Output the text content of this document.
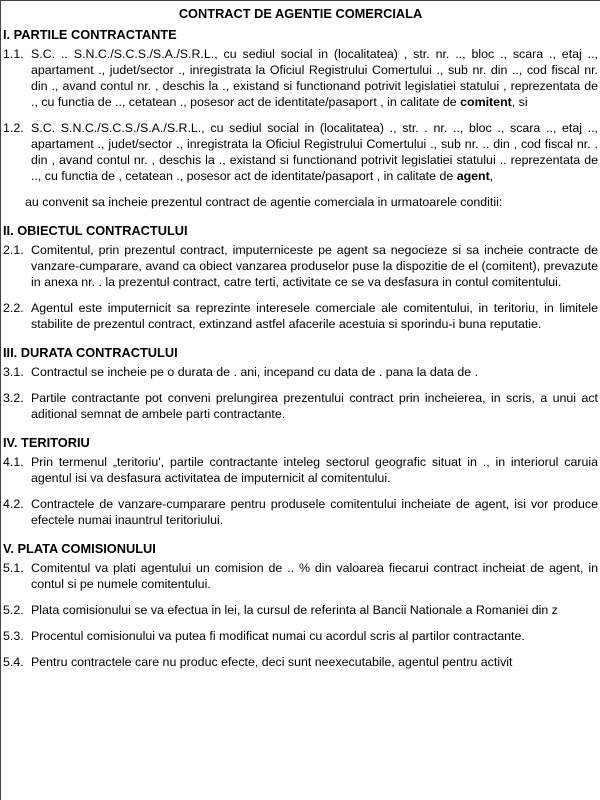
CONTRACT DE AGENTIE COMERCIALA
I. PARTILE CONTRACTANTE
1.1. S.C. .. S.N.C./S.C.S./S.A./S.R.L., cu sediul social in (localitatea) , str. nr. .., bloc ., scara ., etaj .., apartament ., judet/sector ., inregistrata la Oficiul Registrului Comertului ., sub nr. din .., cod fiscal nr. din ., avand contul nr. , deschis la ., existand si functionand potrivit legislatiei statului , reprezentata de ., cu functia de .., cetatean ., posesor act de identitate/pasaport , in calitate de comitent, si
1.2. S.C. S.N.C./S.C.S./S.A./S.R.L., cu sediul social in (localitatea) ., str. . nr. .., bloc ., scara .., etaj .., apartament ., judet/sector ., inregistrata la Oficiul Registrului Comertului ., sub nr. .. din , cod fiscal nr. . din , avand contul nr. , deschis la ., existand si functionand potrivit legislatiei statului .. reprezentata de .., cu functia de , cetatean ., posesor act de identitate/pasaport , in calitate de agent,
au convenit sa incheie prezentul contract de agentie comerciala in urmatoarele conditii:
II. OBIECTUL CONTRACTULUI
2.1. Comitentul, prin prezentul contract, imputerniceste pe agent sa negocieze si sa incheie contracte de vanzare-cumparare, avand ca obiect vanzarea produselor puse la dispozitie de el (comitent), prevazute in anexa nr. . la prezentul contract, catre terti, activitate ce se va desfasura in contul comitentului.
2.2. Agentul este imputernicit sa reprezinte interesele comerciale ale comitentului, in teritoriu, in limitele stabilite de prezentul contract, extinzand astfel afacerile acestuia si sporindu-i buna reputatie.
III. DURATA CONTRACTULUI
3.1. Contractul se incheie pe o durata de . ani, incepand cu data de . pana la data de .
3.2. Partile contractante pot conveni prelungirea prezentului contract prin incheierea, in scris, a unui act aditional semnat de ambele parti contractante.
IV. TERITORIU
4.1. Prin termenul „teritoriu', partile contractante inteleg sectorul geografic situat in ., in interiorul caruia agentul isi va desfasura activitatea de imputernicit al comitentului.
4.2. Contractele de vanzare-cumparare pentru produsele comitentului incheiate de agent, isi vor produce efectele numai inauntrul teritoriului.
V. PLATA COMISIONULUI
5.1. Comitentul va plati agentului un comision de .. % din valoarea fiecarui contract incheiat de agent, in contul si pe numele comitentului.
5.2. Plata comisionului se va efectua in lei, la cursul de referinta al Bancii Nationale a Romaniei din z
5.3. Procentul comisionului va putea fi modificat numai cu acordul scris al partilor contractante.
5.4. Pentru contractele care nu produc efecte, deci sunt neexecutabile, agentul pentru activit
